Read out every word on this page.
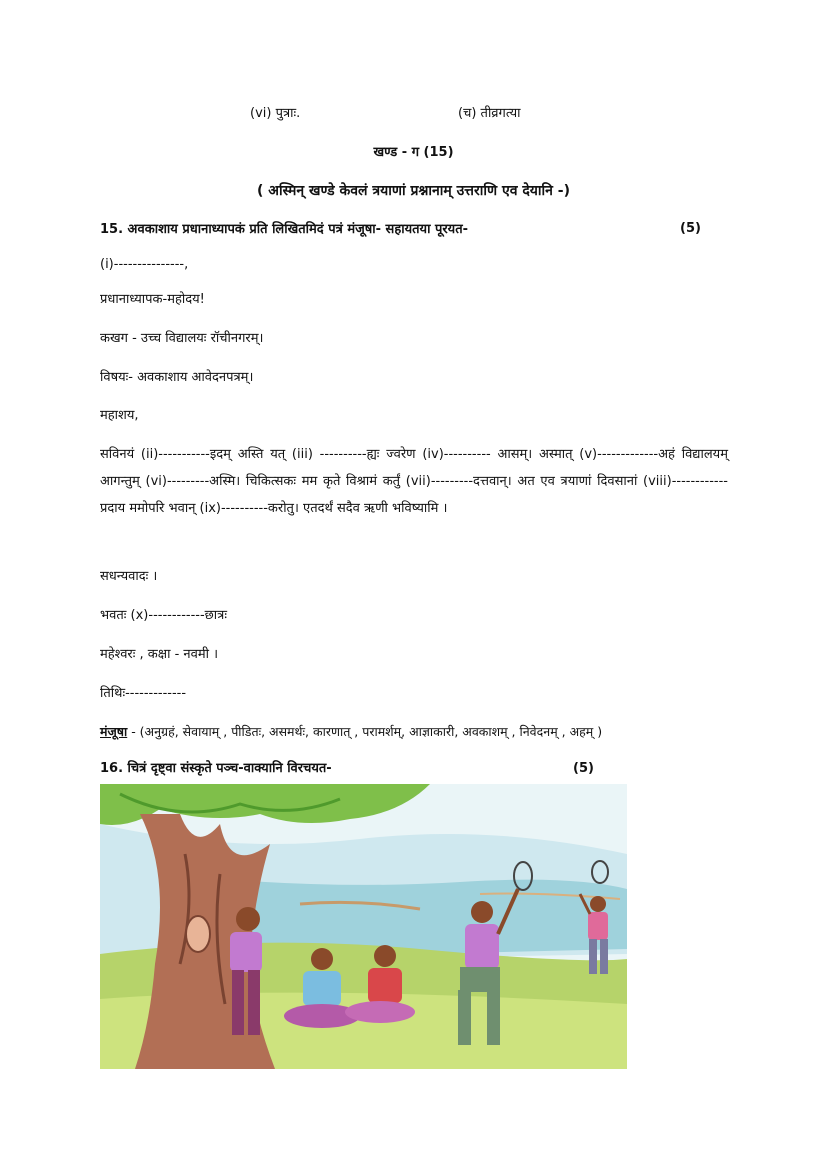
(vi) पुत्राः.	(च) तीव्रगत्या
खण्ड - ग (15)
( अस्मिन् खण्डे केवलं त्रयाणां प्रश्नानाम् उत्तराणि एव देयानि -)
15. अवकाशाय प्रधानाध्यापकं प्रति लिखितमिदं पत्रं मंजूषा- सहायतया पूरयत-	(5)
(i)---------------,
प्रधानाध्यापक-महोदय!
कखग - उच्च विद्यालयः रॉचीनगरम्।
विषयः- अवकाशाय आवेदनपत्रम्।
महाशय,
सविनयं (ii)-----------इदम् अस्ति यत् (iii) ----------ह्यः ज्वरेण (iv)---------- आसम्। अस्मात् (v)-------------अहं विद्यालयम् आगन्तुम् (vi)---------अस्मि। चिकित्सकः मम कृते विश्रामं कर्तुं (vii)---------दत्तवान्। अत एव त्रयाणां दिवसानां (viii)------------प्रदाय ममोपरि भवान् (ix)----------करोतु। एतदर्थं सदैव ऋणी भविष्यामि ।
सधन्यवादः ।
भवतः (x)------------छात्रः
महेश्वरः , कक्षा - नवमी ।
तिथिः-------------
मंजूषा - (अनुग्रहं, सेवायाम् , पीडितः, असमर्थः, कारणात् , परामर्शम्, आज्ञाकारी, अवकाशम् , निवेदनम् , अहम् )
16. चित्रं दृष्ट्वा संस्कृते पञ्च-वाक्यानि विरचयत-	(5)
